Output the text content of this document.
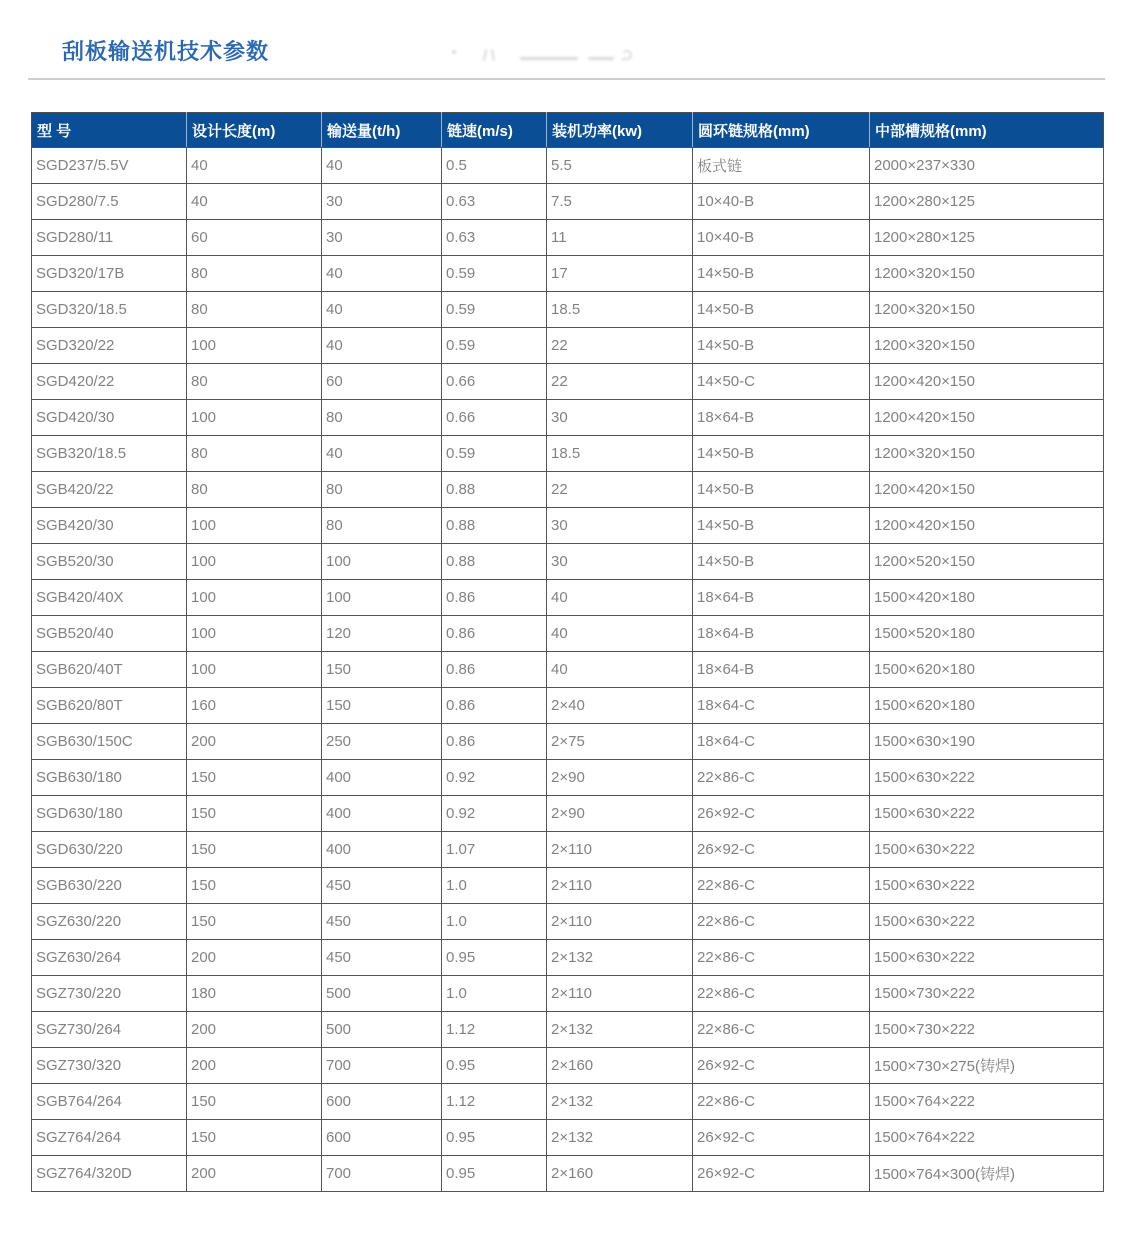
刮板输送机技术参数
型 号	设计长度(m)	输送量(t/h)	链速(m/s)	装机功率(kw)	圆环链规格(mm)	中部槽规格(mm)
SGD237/5.5V	40	40	0.5	5.5	板式链	2000×237×330
SGD280/7.5	40	30	0.63	7.5	10×40-B	1200×280×125
SGD280/11	60	30	0.63	11	10×40-B	1200×280×125
SGD320/17B	80	40	0.59	17	14×50-B	1200×320×150
SGD320/18.5	80	40	0.59	18.5	14×50-B	1200×320×150
SGD320/22	100	40	0.59	22	14×50-B	1200×320×150
SGD420/22	80	60	0.66	22	14×50-C	1200×420×150
SGD420/30	100	80	0.66	30	18×64-B	1200×420×150
SGB320/18.5	80	40	0.59	18.5	14×50-B	1200×320×150
SGB420/22	80	80	0.88	22	14×50-B	1200×420×150
SGB420/30	100	80	0.88	30	14×50-B	1200×420×150
SGB520/30	100	100	0.88	30	14×50-B	1200×520×150
SGB420/40X	100	100	0.86	40	18×64-B	1500×420×180
SGB520/40	100	120	0.86	40	18×64-B	1500×520×180
SGB620/40T	100	150	0.86	40	18×64-B	1500×620×180
SGB620/80T	160	150	0.86	2×40	18×64-C	1500×620×180
SGB630/150C	200	250	0.86	2×75	18×64-C	1500×630×190
SGB630/180	150	400	0.92	2×90	22×86-C	1500×630×222
SGD630/180	150	400	0.92	2×90	26×92-C	1500×630×222
SGD630/220	150	400	1.07	2×110	26×92-C	1500×630×222
SGB630/220	150	450	1.0	2×110	22×86-C	1500×630×222
SGZ630/220	150	450	1.0	2×110	22×86-C	1500×630×222
SGZ630/264	200	450	0.95	2×132	22×86-C	1500×630×222
SGZ730/220	180	500	1.0	2×110	22×86-C	1500×730×222
SGZ730/264	200	500	1.12	2×132	22×86-C	1500×730×222
SGZ730/320	200	700	0.95	2×160	26×92-C	1500×730×275(铸焊)
SGB764/264	150	600	1.12	2×132	22×86-C	1500×764×222
SGZ764/264	150	600	0.95	2×132	26×92-C	1500×764×222
SGZ764/320D	200	700	0.95	2×160	26×92-C	1500×764×300(铸焊)
